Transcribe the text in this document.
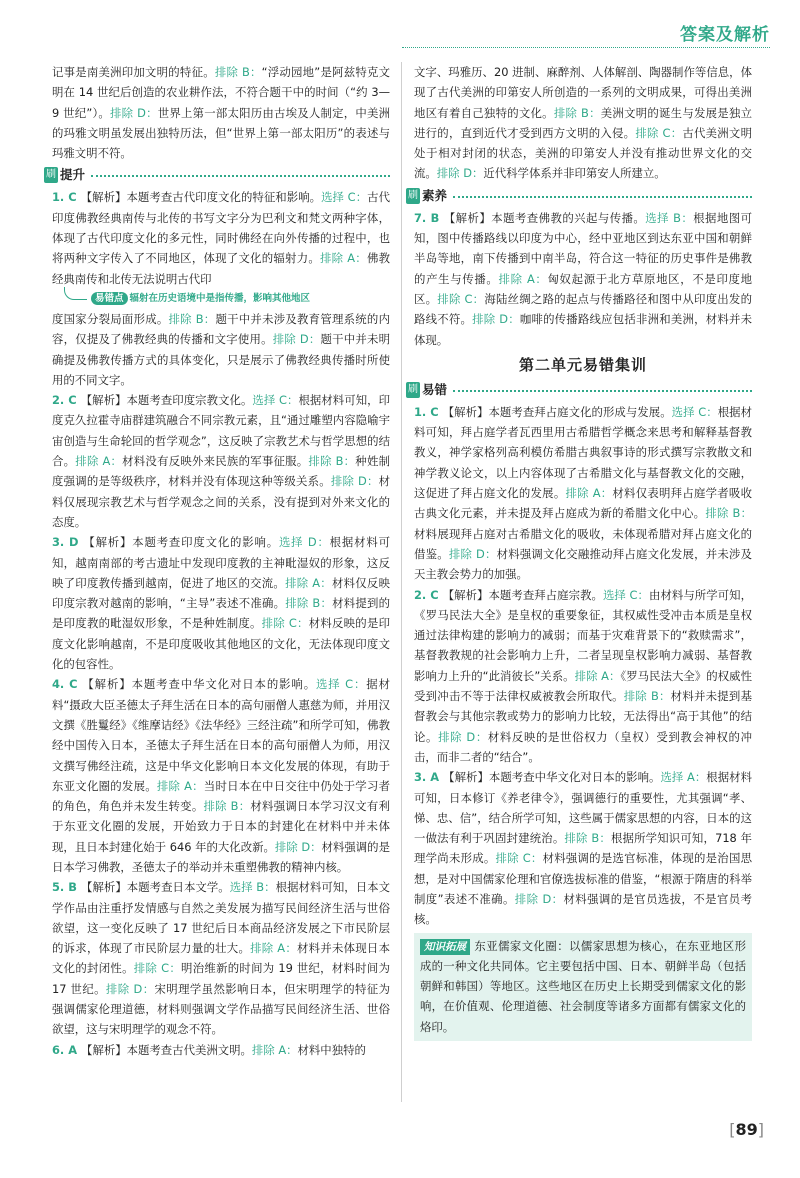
答案及解析

记事是南美洲印加文明的特征。排除 B：“浮动园地”是阿兹特克文明在 14 世纪后创造的农业耕作法，不符合题干中的时间（“约 3—9 世纪”）。排除 D：世界上第一部太阳历由古埃及人制定，中美洲的玛雅文明虽发展出独特历法，但“世界上第一部太阳历”的表述与玛雅文明不符。

刷 提升

1. C 【解析】本题考查古代印度文化的特征和影响。选择 C：古代印度佛教经典南传与北传的书写文字分为巴利文和梵文两种字体，体现了古代印度文化的多元性，同时佛经在向外传播的过程中，也将两种文字传入了不同地区，体现了文化的辐射力。排除 A：佛教经典南传和北传无法说明古代印

易错点 辐射在历史语境中是指传播，影响其他地区

度国家分裂局面形成。排除 B：题干中并未涉及教育管理系统的内容，仅提及了佛教经典的传播和文字使用。排除 D：题干中并未明确提及佛教传播方式的具体变化，只是展示了佛教经典传播时所使用的不同文字。

2. C 【解析】本题考查印度宗教文化。选择 C：根据材料可知，印度克久拉霍寺庙群建筑融合不同宗教元素，且“通过雕塑内容隐喻宇宙创造与生命轮回的哲学观念”，这反映了宗教艺术与哲学思想的结合。排除 A：材料没有反映外来民族的军事征服。排除 B：种姓制度强调的是等级秩序，材料并没有体现这种等级关系。排除 D：材料仅展现宗教艺术与哲学观念之间的关系，没有提到对外来文化的态度。

3. D 【解析】本题考查印度文化的影响。选择 D：根据材料可知，越南南部的考古遗址中发现印度教的主神毗湿奴的形象，这反映了印度教传播到越南，促进了地区的交流。排除 A：材料仅反映印度宗教对越南的影响，“主导”表述不准确。排除 B：材料提到的是印度教的毗湿奴形象，不是种姓制度。排除 C：材料反映的是印度文化影响越南，不是印度吸收其他地区的文化，无法体现印度文化的包容性。

4. C 【解析】本题考查中华文化对日本的影响。选择 C：据材料“摄政大臣圣德太子拜生活在日本的高句丽僧人惠慈为师，并用汉文撰《胜鬘经》《维摩诘经》《法华经》三经注疏”和所学可知，佛教经中国传入日本，圣德太子拜生活在日本的高句丽僧人为师，用汉文撰写佛经注疏，这是中华文化影响日本文化发展的体现，有助于东亚文化圈的发展。排除 A：当时日本在中日交往中仍处于学习者的角色，角色并未发生转变。排除 B：材料强调日本学习汉文有利于东亚文化圈的发展，开始致力于日本的封建化在材料中并未体现，且日本封建化始于 646 年的大化改新。排除 D：材料强调的是日本学习佛教，圣德太子的举动并未重塑佛教的精神内核。

5. B 【解析】本题考查日本文学。选择 B：根据材料可知，日本文学作品由注重抒发情感与自然之美发展为描写民间经济生活与世俗欲望，这一变化反映了 17 世纪后日本商品经济发展之下市民阶层的诉求，体现了市民阶层力量的壮大。排除 A：材料并未体现日本文化的封闭性。排除 C：明治维新的时间为 19 世纪，材料时间为 17 世纪。排除 D：宋明理学虽然影响日本，但宋明理学的特征为强调儒家伦理道德，材料则强调文学作品描写民间经济生活、世俗欲望，这与宋明理学的观念不符。

6. A 【解析】本题考查古代美洲文明。排除 A：材料中独特的

文字、玛雅历、20 进制、麻醉剂、人体解剖、陶器制作等信息，体现了古代美洲的印第安人所创造的一系列的文明成果，可得出美洲地区有着自己独特的文化。排除 B：美洲文明的诞生与发展是独立进行的，直到近代才受到西方文明的入侵。排除 C：古代美洲文明处于相对封闭的状态，美洲的印第安人并没有推动世界文化的交流。排除 D：近代科学体系并非印第安人所建立。

刷 素养

7. B 【解析】本题考查佛教的兴起与传播。选择 B：根据地图可知，图中传播路线以印度为中心，经中亚地区到达东亚中国和朝鲜半岛等地，南下传播到中南半岛，符合这一特征的历史事件是佛教的产生与传播。排除 A：匈奴起源于北方草原地区，不是印度地区。排除 C：海陆丝绸之路的起点与传播路径和图中从印度出发的路线不符。排除 D：咖啡的传播路线应包括非洲和美洲，材料并未体现。

第二单元易错集训
刷 易错

1. C 【解析】本题考查拜占庭文化的形成与发展。选择 C：根据材料可知，拜占庭学者瓦西里用古希腊哲学概念来思考和解释基督教教义，神学家格列高利模仿希腊古典叙事诗的形式撰写宗教散文和神学教义论文，以上内容体现了古希腊文化与基督教文化的交融，这促进了拜占庭文化的发展。排除 A：材料仅表明拜占庭学者吸收古典文化元素，并未提及拜占庭成为新的希腊文化中心。排除 B：材料展现拜占庭对古希腊文化的吸收，未体现希腊对拜占庭文化的借鉴。排除 D：材料强调文化交融推动拜占庭文化发展，并未涉及天主教会势力的加强。

2. C 【解析】本题考查拜占庭宗教。选择 C：由材料与所学可知，《罗马民法大全》是皇权的重要象征，其权威性受冲击本质是皇权通过法律构建的影响力的减弱；而基于灾难背景下的“救赎需求”，基督教教规的社会影响力上升，二者呈现皇权影响力减弱、基督教影响力上升的“此消彼长”关系。排除 A：《罗马民法大全》的权威性受到冲击不等于法律权威被教会所取代。排除 B：材料并未提到基督教会与其他宗教或势力的影响力比较，无法得出“高于其他”的结论。排除 D：材料反映的是世俗权力（皇权）受到教会神权的冲击，而非二者的“结合”。

3. A 【解析】本题考查中华文化对日本的影响。选择 A：根据材料可知，日本修订《养老律令》，强调德行的重要性，尤其强调“孝、悌、忠、信”，结合所学可知，这些属于儒家思想的内容，日本的这一做法有利于巩固封建统治。排除 B：根据所学知识可知，718 年理学尚未形成。排除 C：材料强调的是选官标准，体现的是治国思想，是对中国儒家伦理和官僚选拔标准的借鉴，“根源于隋唐的科举制度”表述不准确。排除 D：材料强调的是官员选拔，不是官员考核。

知识拓展 东亚儒家文化圈：以儒家思想为核心，在东亚地区形成的一种文化共同体。它主要包括中国、日本、朝鲜半岛（包括朝鲜和韩国）等地区。这些地区在历史上长期受到儒家文化的影响，在价值观、伦理道德、社会制度等诸多方面都有儒家文化的烙印。
[89]
